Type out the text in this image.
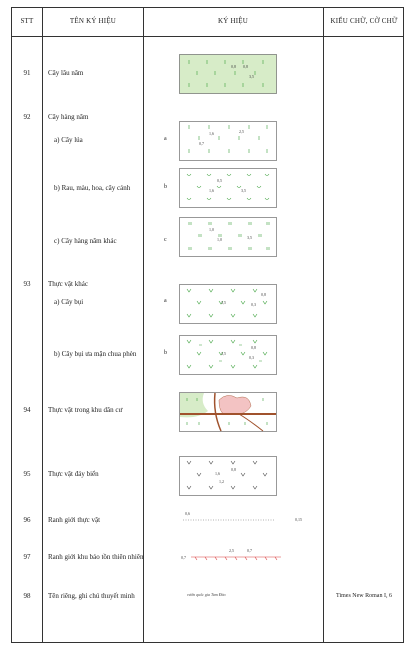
STT	TÊN KÝ HIỆU	KÝ HIỆU	KIỂU CHỮ, CỠ CHỮ
91	Cây lâu năm
0,8 0,8
3,5
92	Cây hàng năm
a) Cây lúa	a
1,6	2,5
0,7
b) Rau, màu, hoa, cây cảnh	b
0,5
1,6	3,5
c) Cây hàng năm khác	c
1,0
1,0	3,5
93	Thực vật khác
a) Cây bụi	a
0,8
3,5	0,3
b) Cây bụi ưa mặn chua phèn	b
0,8
3,5
0,3
94	Thực vật trong khu dân cư
95	Thực vật đáy biển	1,6
0,8
1,2
96	Ranh giới thực vật
0,6
0,15
97	Ranh giới khu bảo tồn thiên nhiên
2,5	0,7
0,7
98	Tên riêng, ghi chú thuyết minh	vườn quốc gia Tam Đảo	Times New Roman I, 6
